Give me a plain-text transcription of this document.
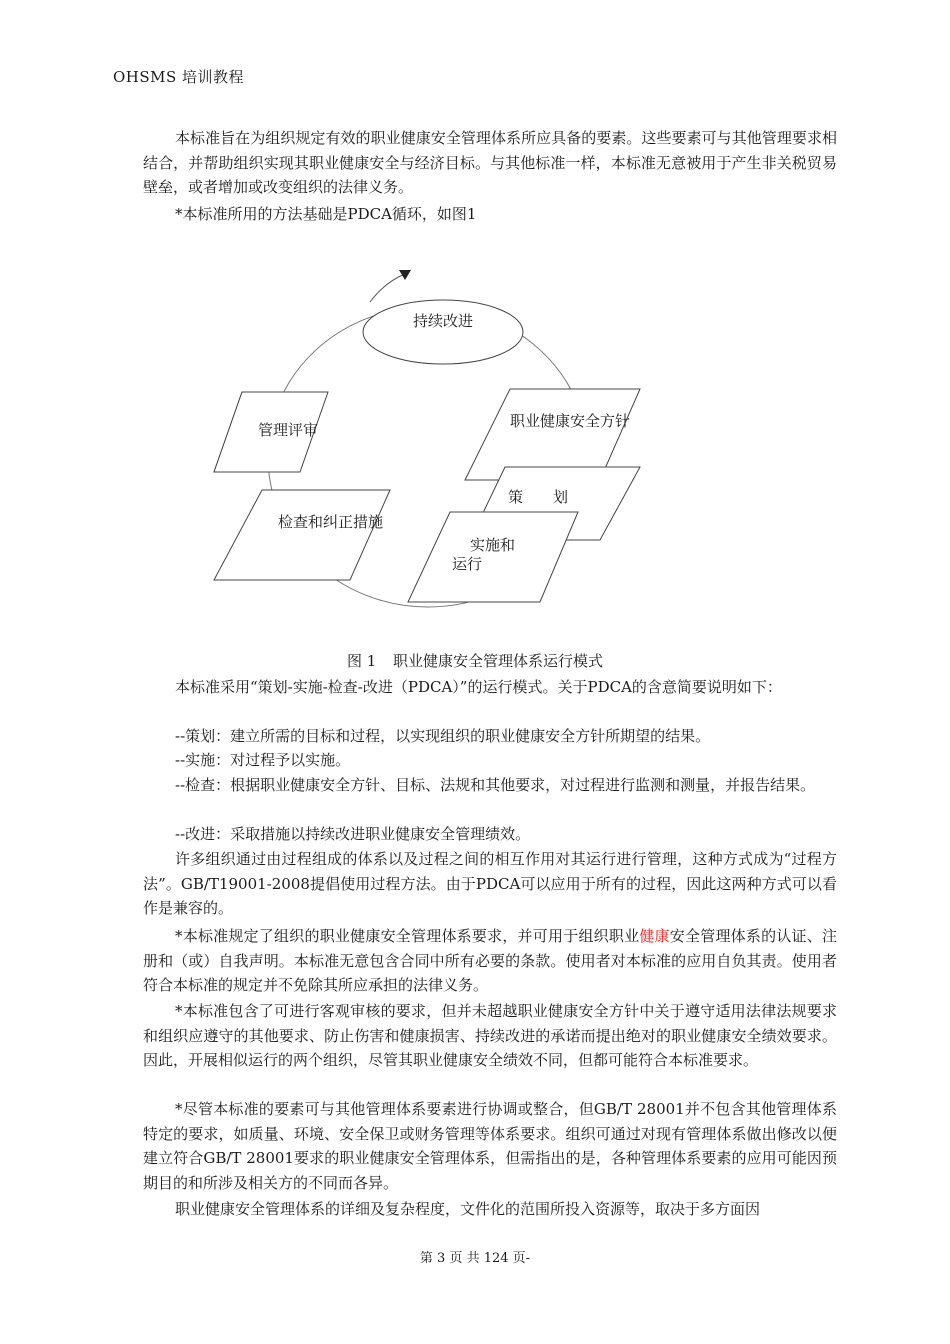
OHSMS 培训教程

本标准旨在为组织规定有效的职业健康安全管理体系所应具备的要素。这些要素可与其他管理要求相结合，并帮助组织实现其职业健康安全与经济目标。与其他标准一样，本标准无意被用于产生非关税贸易壁垒，或者增加或改变组织的法律义务。

*本标准所用的方法基础是PDCA循环，如图1

持续改进
管理评审	职业健康安全方针
检查和纠正措施
策　　划
实施和
运行
图 1 职业健康安全管理体系运行模式

本标准采用“策划-实施-检查-改进（PDCA）”的运行模式。关于PDCA的含意简要说明如下：

--策划：建立所需的目标和过程，以实现组织的职业健康安全方针所期望的结果。

--实施：对过程予以实施。

--检查：根据职业健康安全方针、目标、法规和其他要求，对过程进行监测和测量，并报告结果。

--改进：采取措施以持续改进职业健康安全管理绩效。

许多组织通过由过程组成的体系以及过程之间的相互作用对其运行进行管理，这种方式成为“过程方法”。GB/T19001-2008提倡使用过程方法。由于PDCA可以应用于所有的过程，因此这两种方式可以看作是兼容的。

*本标准规定了组织的职业健康安全管理体系要求，并可用于组织职业健康安全管理体系的认证、注册和（或）自我声明。本标准无意包含合同中所有必要的条款。使用者对本标准的应用自负其责。使用者符合本标准的规定并不免除其所应承担的法律义务。

*本标准包含了可进行客观审核的要求，但并未超越职业健康安全方针中关于遵守适用法律法规要求和组织应遵守的其他要求、防止伤害和健康损害、持续改进的承诺而提出绝对的职业健康安全绩效要求。因此，开展相似运行的两个组织，尽管其职业健康安全绩效不同，但都可能符合本标准要求。

*尽管本标准的要素可与其他管理体系要素进行协调或整合，但GB/T 28001并不包含其他管理体系特定的要求，如质量、环境、安全保卫或财务管理等体系要求。组织可通过对现有管理体系做出修改以便建立符合GB/T 28001要求的职业健康安全管理体系，但需指出的是，各种管理体系要素的应用可能因预期目的和所涉及相关方的不同而各异。

职业健康安全管理体系的详细及复杂程度，文件化的范围所投入资源等，取决于多方面因

第 3 页 共 124 页-
